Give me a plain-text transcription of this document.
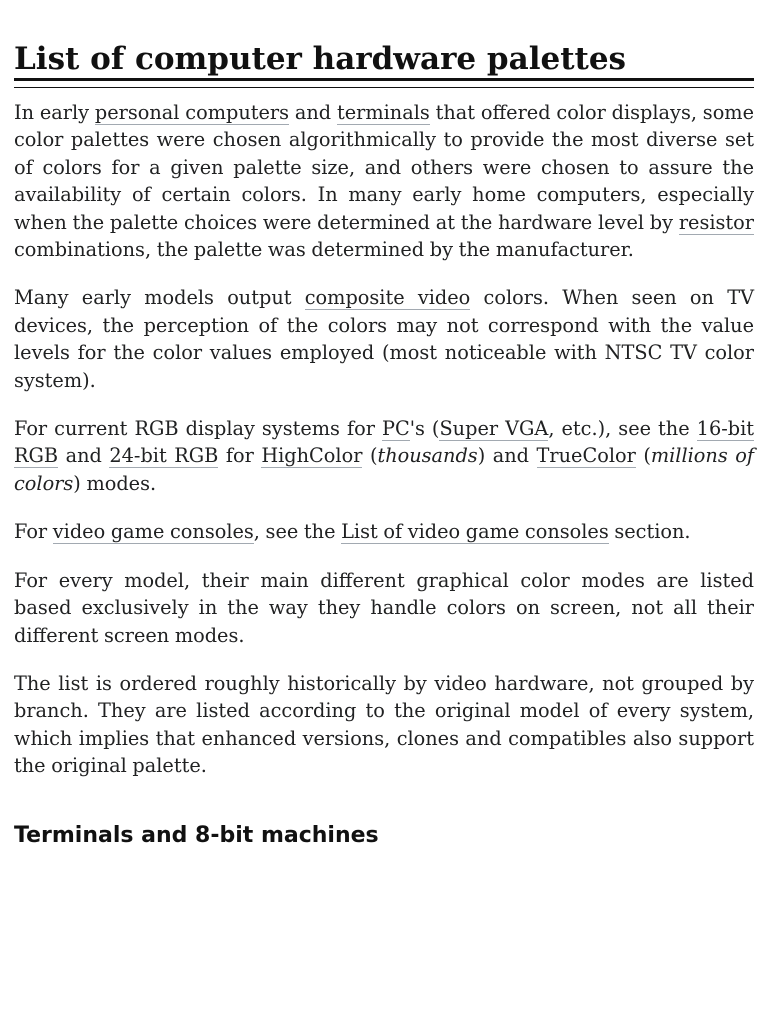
List of computer hardware palettes

In early personal computers and terminals that offered color displays, some color palettes were chosen algorithmically to provide the most diverse set of colors for a given palette size, and others were chosen to assure the availability of certain colors. In many early home computers, especially when the palette choices were determined at the hardware level by resistor combinations, the palette was determined by the manufacturer.

Many early models output composite video colors. When seen on TV devices, the perception of the colors may not correspond with the value levels for the color values employed (most noticeable with NTSC TV color system).

For current RGB display systems for PC's (Super VGA, etc.), see the 16-bit RGB and 24-bit RGB for HighColor (thousands) and TrueColor (millions of colors) modes.

For video game consoles, see the List of video game consoles section.

For every model, their main different graphical color modes are listed based exclusively in the way they handle colors on screen, not all their different screen modes.

The list is ordered roughly historically by video hardware, not grouped by branch. They are listed according to the original model of every system, which implies that enhanced versions, clones and compatibles also support the original palette.

Terminals and 8-bit machines
